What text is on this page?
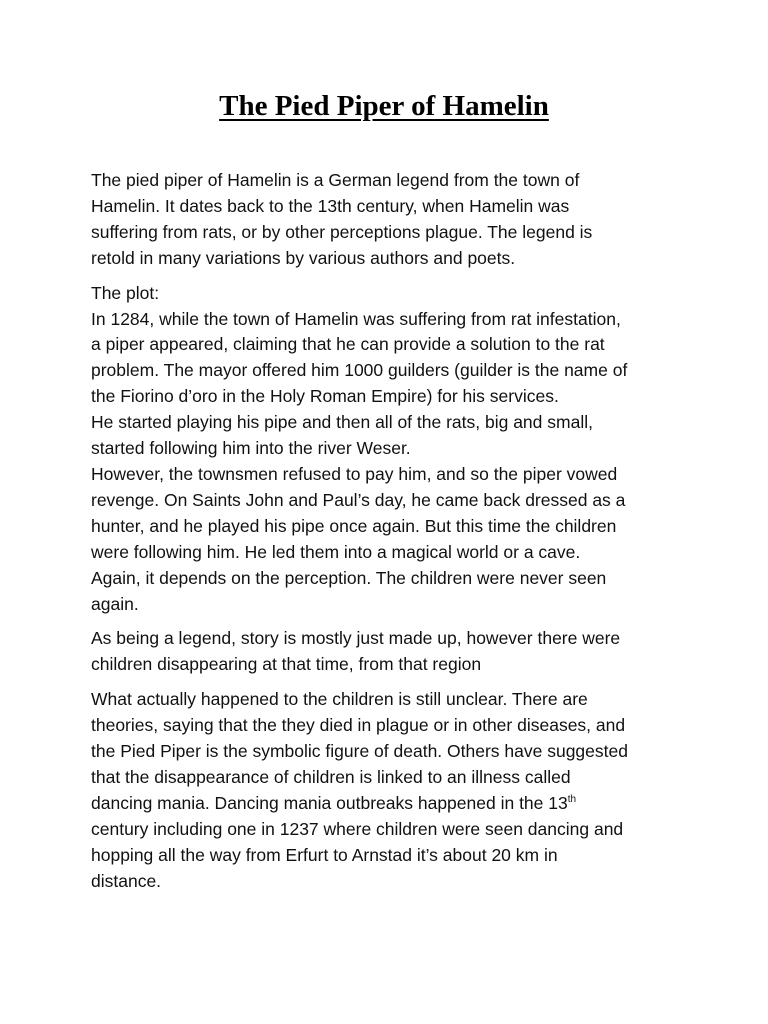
The Pied Piper of Hamelin

The pied piper of Hamelin is a German legend from the town of
Hamelin. It dates back to the 13th century, when Hamelin was
suffering from rats, or by other perceptions plague. The legend is
retold in many variations by various authors and poets.

The plot:
In 1284, while the town of Hamelin was suffering from rat infestation,
a piper appeared, claiming that he can provide a solution to the rat
problem. The mayor offered him 1000 guilders (guilder is the name of
the Fiorino d’oro in the Holy Roman Empire) for his services.
He started playing his pipe and then all of the rats, big and small,
started following him into the river Weser.
However, the townsmen refused to pay him, and so the piper vowed
revenge. On Saints John and Paul’s day, he came back dressed as a
hunter, and he played his pipe once again. But this time the children
were following him. He led them into a magical world or a cave.
Again, it depends on the perception. The children were never seen
again.

As being a legend, story is mostly just made up, however there were
children disappearing at that time, from that region

What actually happened to the children is still unclear. There are
theories, saying that the they died in plague or in other diseases, and
the Pied Piper is the symbolic figure of death. Others have suggested
that the disappearance of children is linked to an illness called
dancing mania. Dancing mania outbreaks happened in the 13th
century including one in 1237 where children were seen dancing and
hopping all the way from Erfurt to Arnstad it’s about 20 km in
distance.
